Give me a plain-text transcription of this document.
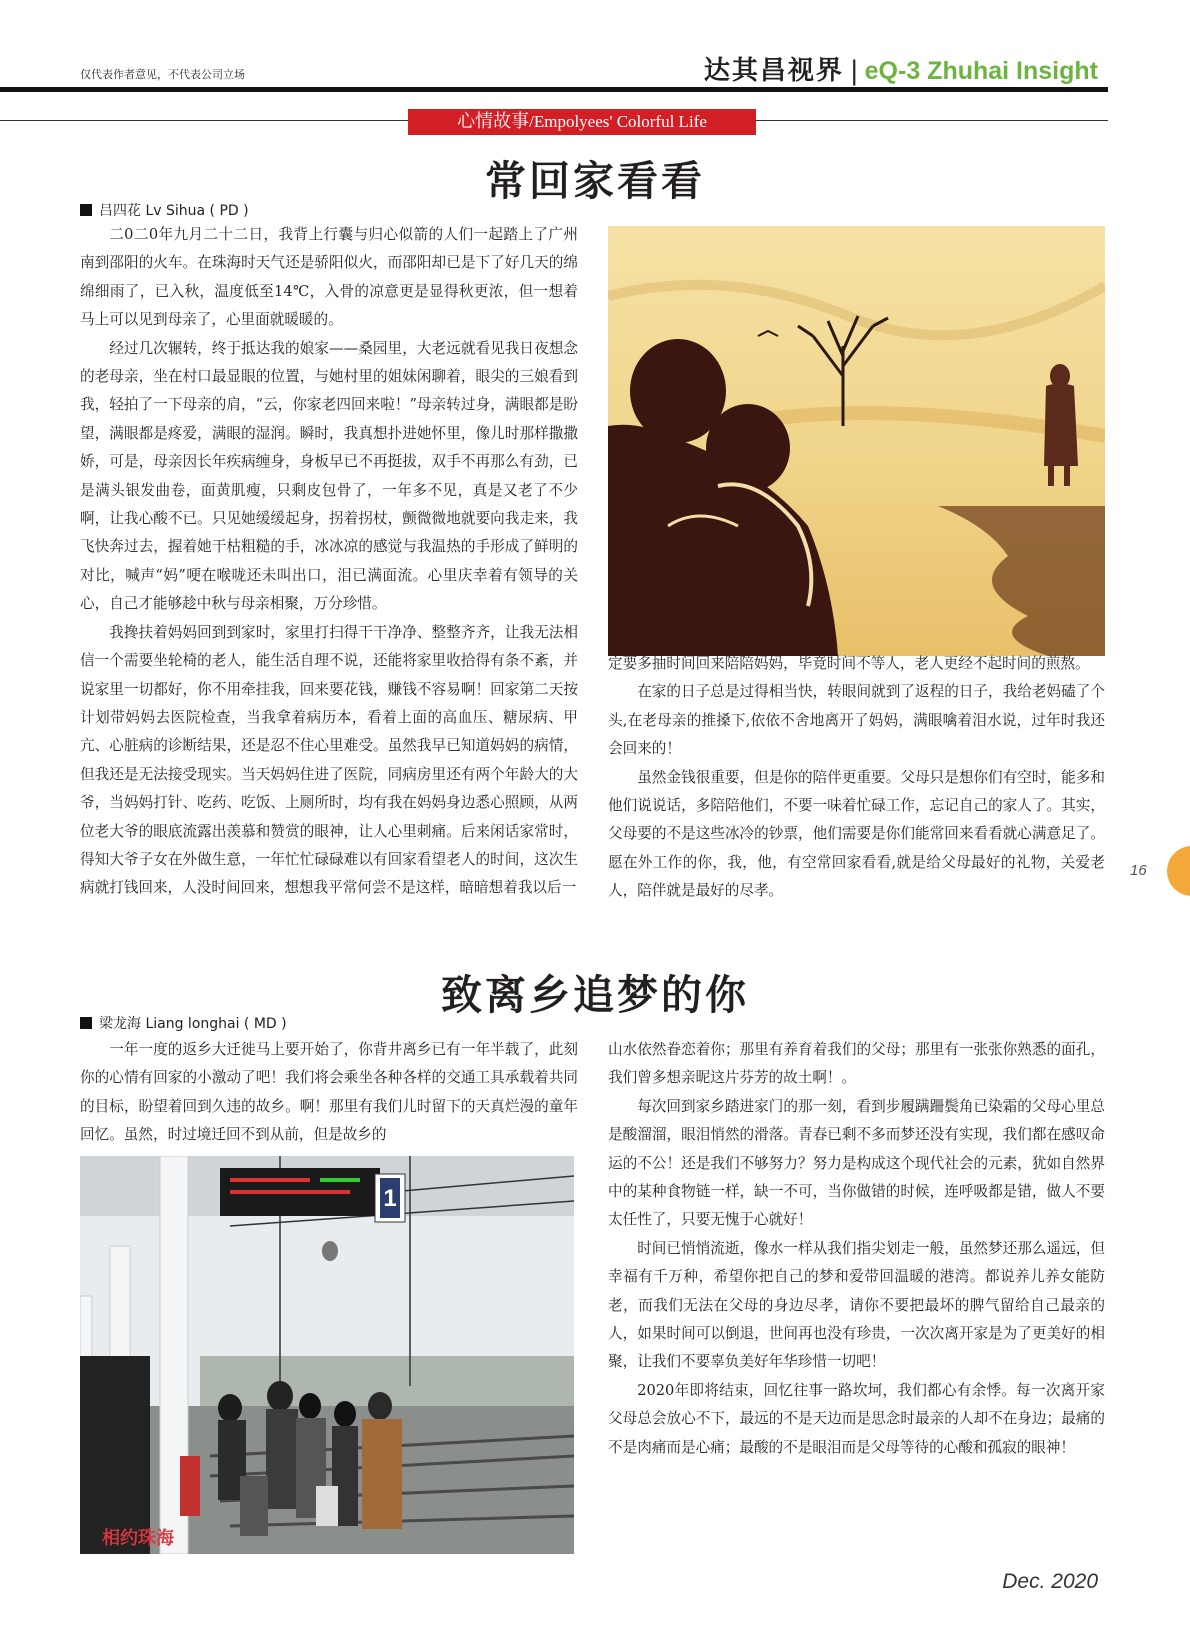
仅代表作者意见，不代表公司立场	达其昌视界 | eQ-3 Zhuhai Insight
心情故事/Empolyees' Colorful Life
常回家看看
吕四花 Lv Sihua ( PD )

二0二0年九月二十二日，我背上行囊与归心似箭的人们一起踏上了广州南到邵阳的火车。在珠海时天气还是骄阳似火，而邵阳却已是下了好几天的绵绵细雨了，已入秋，温度低至14℃，入骨的凉意更是显得秋更浓，但一想着马上可以见到母亲了，心里面就暖暖的。

经过几次辗转，终于抵达我的娘家——桑园里，大老远就看见我日夜想念的老母亲，坐在村口最显眼的位置，与她村里的姐妹闲聊着，眼尖的三娘看到我，轻拍了一下母亲的肩，“云，你家老四回来啦！”母亲转过身，满眼都是盼望，满眼都是疼爱，满眼的湿润。瞬时，我真想扑进她怀里，像儿时那样撒撒娇，可是，母亲因长年疾病缠身，身板早已不再挺拔，双手不再那么有劲，已是满头银发曲卷，面黄肌瘦，只剩皮包骨了，一年多不见，真是又老了不少啊，让我心酸不已。只见她缓缓起身，拐着拐杖，颤微微地就要向我走来，我飞快奔过去，握着她干枯粗糙的手，冰冰凉的感觉与我温热的手形成了鲜明的对比，喊声“妈”哽在喉咙还未叫出口，泪已满面流。心里庆幸着有领导的关心，自己才能够趁中秋与母亲相聚，万分珍惜。

我搀扶着妈妈回到到家时，家里打扫得干干净净、整整齐齐，让我无法相信一个需要坐轮椅的老人，能生活自理不说，还能将家里收拾得有条不紊，并说家里一切都好，你不用牵挂我，回来要花钱，赚钱不容易啊！回家第二天按计划带妈妈去医院检查，当我拿着病历本，看着上面的高血压、糖尿病、甲亢、心脏病的诊断结果，还是忍不住心里难受。虽然我早已知道妈妈的病情，但我还是无法接受现实。当天妈妈住进了医院，同病房里还有两个年龄大的大爷，当妈妈打针、吃药、吃饭、上厕所时，均有我在妈妈身边悉心照顾，从两位老大爷的眼底流露出羡慕和赞赏的眼神，让人心里刺痛。后来闲话家常时，得知大爷子女在外做生意，一年忙忙碌碌难以有回家看望老人的时间，这次生病就打钱回来，人没时间回来，想想我平常何尝不是这样，暗暗想着我以后一

定要多抽时间回来陪陪妈妈，毕竟时间不等人，老人更经不起时间的煎熬。

在家的日子总是过得相当快，转眼间就到了返程的日子，我给老妈磕了个头,在老母亲的推搡下,依依不舍地离开了妈妈，满眼噙着泪水说，过年时我还会回来的！

虽然金钱很重要，但是你的陪伴更重要。父母只是想你们有空时，能多和他们说说话，多陪陪他们，不要一味着忙碌工作，忘记自己的家人了。其实，父母要的不是这些冰冷的钞票，他们需要是你们能常回来看看就心满意足了。愿在外工作的你，我，他，有空常回家看看,就是给父母最好的礼物，关爱老人，陪伴就是最好的尽孝。

致离乡追梦的你
梁龙海 Liang longhai ( MD )

一年一度的返乡大迁徙马上要开始了，你背井离乡已有一年半载了，此刻你的心情有回家的小激动了吧！我们将会乘坐各种各样的交通工具承载着共同的目标，盼望着回到久违的故乡。啊！那里有我们儿时留下的天真烂漫的童年回忆。虽然，时过境迁回不到从前，但是故乡的

1
相约珠海

山水依然眷恋着你；那里有养育着我们的父母；那里有一张张你熟悉的面孔，我们曾多想亲昵这片芬芳的故土啊！。

每次回到家乡踏进家门的那一刻，看到步履蹒跚鬓角已染霜的父母心里总是酸溜溜，眼泪悄然的滑落。青春已剩不多而梦还没有实现，我们都在感叹命运的不公！还是我们不够努力？努力是构成这个现代社会的元素，犹如自然界中的某种食物链一样，缺一不可，当你做错的时候，连呼吸都是错，做人不要太任性了，只要无愧于心就好！

时间已悄悄流逝，像水一样从我们指尖划走一般，虽然梦还那么遥远，但幸福有千万种，希望你把自己的梦和爱带回温暖的港湾。都说养儿养女能防老，而我们无法在父母的身边尽孝，请你不要把最坏的脾气留给自己最亲的人，如果时间可以倒退，世间再也没有珍贵，一次次离开家是为了更美好的相聚，让我们不要辜负美好年华珍惜一切吧！

2020年即将结束，回忆往事一路坎坷，我们都心有余悸。每一次离开家父母总会放心不下，最远的不是天边而是思念时最亲的人却不在身边；最痛的不是肉痛而是心痛；最酸的不是眼泪而是父母等待的心酸和孤寂的眼神！

16
Dec. 2020
